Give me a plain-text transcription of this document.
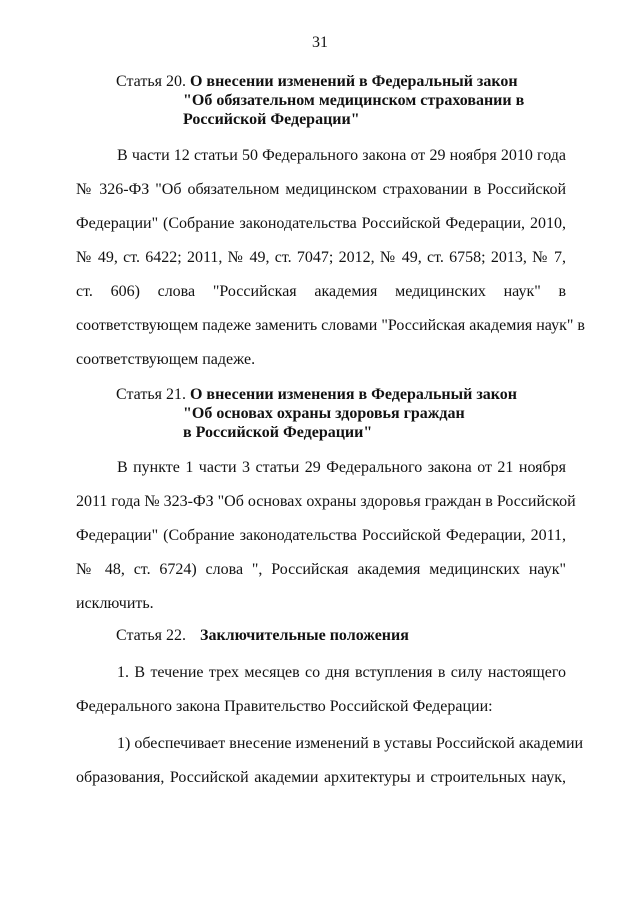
31
Статья 20. О внесении изменений в Федеральный закон
"Об обязательном медицинском страховании в
Российской Федерации"
В части 12 статьи 50 Федерального закона от 29 ноября 2010 года
№ 326-ФЗ "Об обязательном медицинском страховании в Российской
Федерации" (Собрание законодательства Российской Федерации, 2010,
№ 49, ст. 6422; 2011, № 49, ст. 7047; 2012, № 49, ст. 6758; 2013, № 7,
ст. 606) слова "Российская академия медицинских наук" в
соответствующем падеже заменить словами "Российская академия наук" в
соответствующем падеже.
Статья 21. О внесении изменения в Федеральный закон
"Об основах охраны здоровья граждан
в Российской Федерации"
В пункте 1 части 3 статьи 29 Федерального закона от 21 ноября
2011 года № 323-ФЗ "Об основах охраны здоровья граждан в Российской
Федерации" (Собрание законодательства Российской Федерации, 2011,
№ 48, ст. 6724) слова ", Российская академия медицинских наук"
исключить.
Статья 22. Заключительные положения
1. В течение трех месяцев со дня вступления в силу настоящего
Федерального закона Правительство Российской Федерации:
1) обеспечивает внесение изменений в уставы Российской академии
образования, Российской академии архитектуры и строительных наук,
